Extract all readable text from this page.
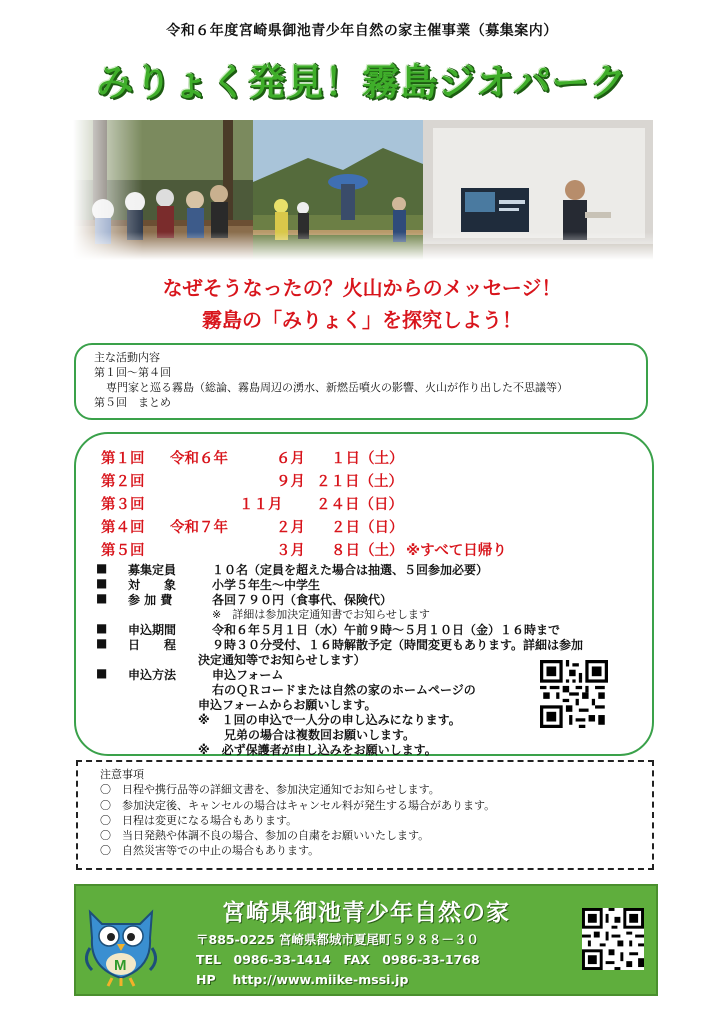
令和６年度宮崎県御池青少年自然の家主催事業（募集案内）
みりょく発見！霧島ジオパーク
なぜそうなったの？火山からのメッセージ！
霧島の「みりょく」を探究しよう！
主な活動内容
第１回～第４回
専門家と巡る霧島（総論、霧島周辺の湧水、新燃岳噴火の影響、火山が作り出した不思議等）
第５回　まとめ
第１回 令和６年	６月 １日（土）
第２回	９月 ２１日（土）
第３回	１１月 ２４日（日）
第４回 令和７年	２月 ２日（日）
第５回	３月 ８日（土） ※すべて日帰り
■ 募集定員	１０名（定員を超えた場合は抽選、５回参加必要）
■ 対　　象	小学５年生～中学生
■ 参 加 費	各回７９０円（食事代、保険代）
※　詳細は参加決定通知書でお知らせします
■ 申込期間	令和６年５月１日（水）午前９時～５月１０日（金）１６時まで
■ 日　　程	９時３０分受付、１６時解散予定（時間変更もあります。詳細は参加
決定通知等でお知らせします）
■ 申込方法	申込フォーム
右のＱＲコードまたは自然の家のホームページの
申込フォームからお願いします。
※　１回の申込で一人分の申し込みになります。
兄弟の場合は複数回お願いします。
※　必ず保護者が申し込みをお願いします。
注意事項
〇　 日程や携行品等の詳細文書を、参加決定通知でお知らせします。
〇　 参加決定後、キャンセルの場合はキャンセル料が発生する場合があります。
〇　 日程は変更になる場合もあります。
〇　 当日発熱や体調不良の場合、参加の自粛をお願いいたします。
〇　 自然災害等での中止の場合もあります。
M
宮崎県御池青少年自然の家
〒885-0225 宮崎県都城市夏尾町５９８８－３０
TEL　0986-33-1414　FAX　0986-33-1768
HP　 http://www.miike-mssi.jp
